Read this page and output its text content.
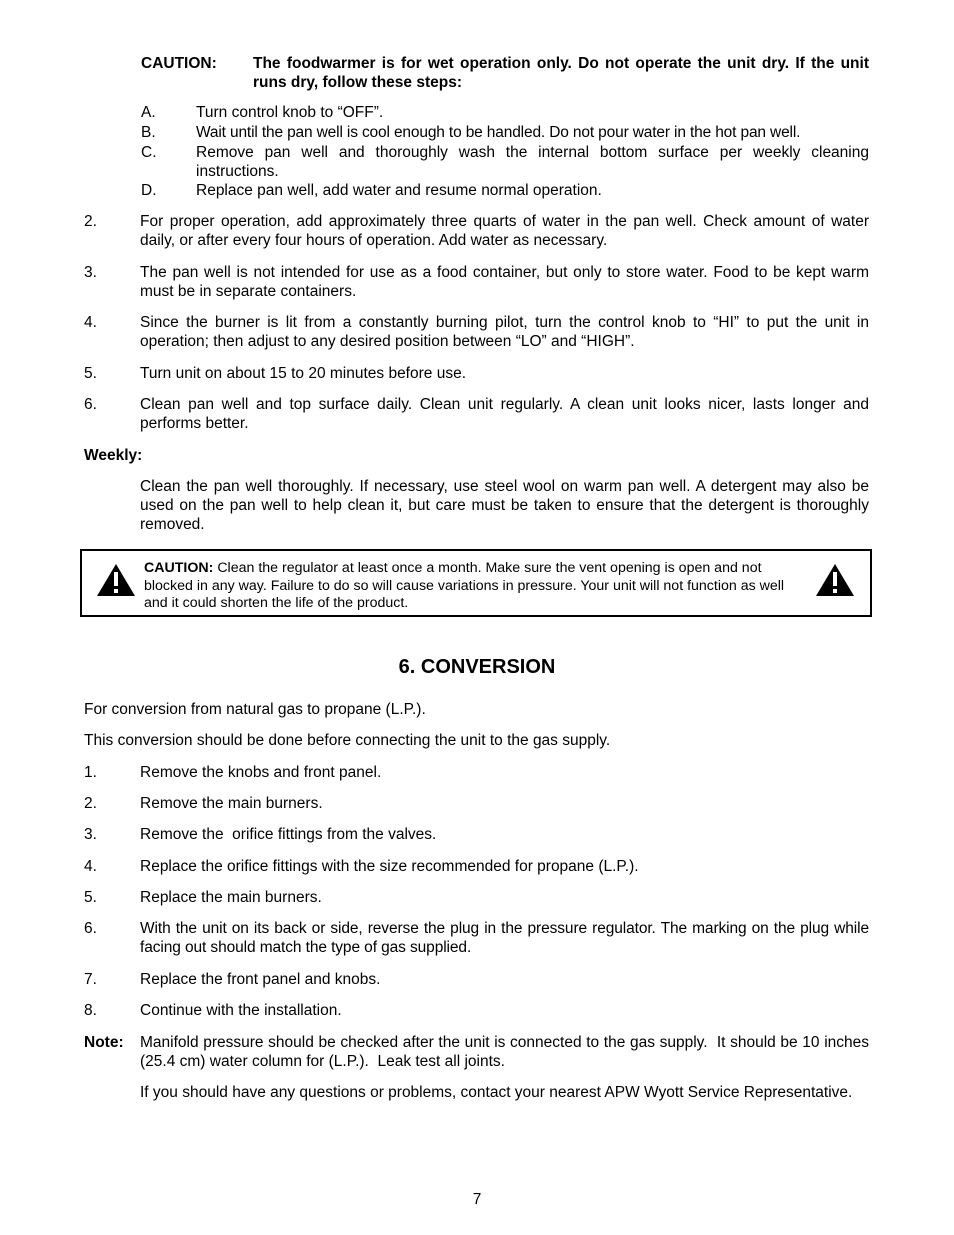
CAUTION: The foodwarmer is for wet operation only. Do not operate the unit dry. If the unit runs dry, follow these steps:
A.	Turn control knob to “OFF”.
B.	Wait until the pan well is cool enough to be handled. Do not pour water in the hot pan well.
C.	Remove pan well and thoroughly wash the internal bottom surface per weekly cleaning instructions.
D.	Replace pan well, add water and resume normal operation.
2.	For proper operation, add approximately three quarts of water in the pan well. Check amount of water daily, or after every four hours of operation. Add water as necessary.
3.	The pan well is not intended for use as a food container, but only to store water. Food to be kept warm must be in separate containers.
4.	Since the burner is lit from a constantly burning pilot, turn the control knob to “HI” to put the unit in operation; then adjust to any desired position between “LO” and “HIGH”.
5.	Turn unit on about 15 to 20 minutes before use.
6.	Clean pan well and top surface daily. Clean unit regularly. A clean unit looks nicer, lasts longer and performs better.
Weekly:
Clean the pan well thoroughly. If necessary, use steel wool on warm pan well. A detergent may also be used on the pan well to help clean it, but care must be taken to ensure that the detergent is thoroughly removed.
CAUTION: Clean the regulator at least once a month. Make sure the vent opening is open and not blocked in any way. Failure to do so will cause variations in pressure. Your unit will not function as well and it could shorten the life of the product.
6. CONVERSION
For conversion from natural gas to propane (L.P.).
This conversion should be done before connecting the unit to the gas supply.
1.	Remove the knobs and front panel.
2.	Remove the main burners.
3.	Remove the  orifice fittings from the valves.
4.	Replace the orifice fittings with the size recommended for propane (L.P.).
5.	Replace the main burners.
6.	With the unit on its back or side, reverse the plug in the pressure regulator. The marking on the plug while facing out should match the type of gas supplied.
7.	Replace the front panel and knobs.
8.	Continue with the installation.
Note: Manifold pressure should be checked after the unit is connected to the gas supply.  It should be 10 inches (25.4 cm) water column for (L.P.).  Leak test all joints.
If you should have any questions or problems, contact your nearest APW Wyott Service Representative.
7
